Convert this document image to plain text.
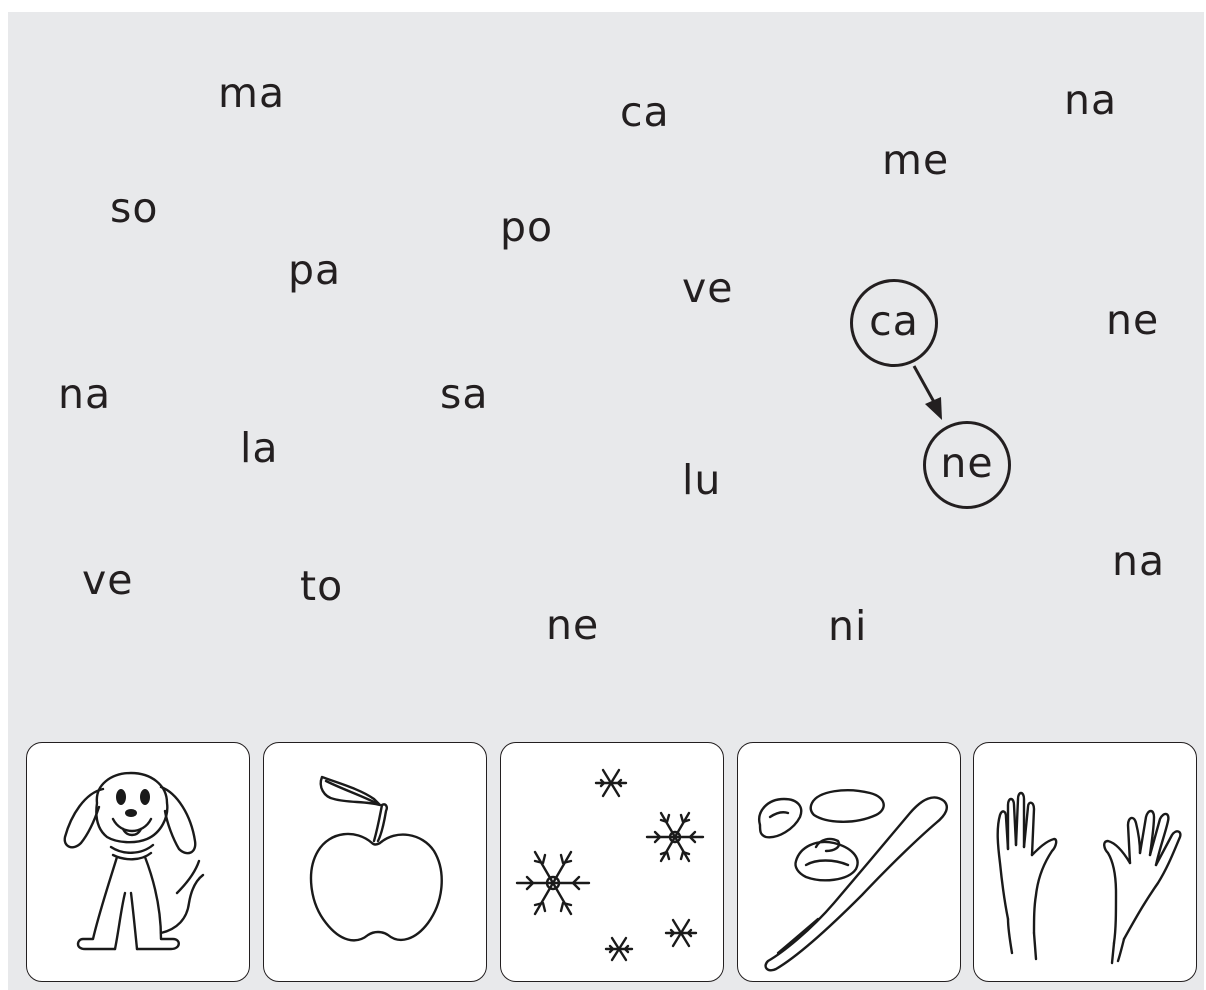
ma	ca	na
me
so	po
pa	ve
ne
na	sa
la
lu
na
ve	to
ne	ni
ca
ne
